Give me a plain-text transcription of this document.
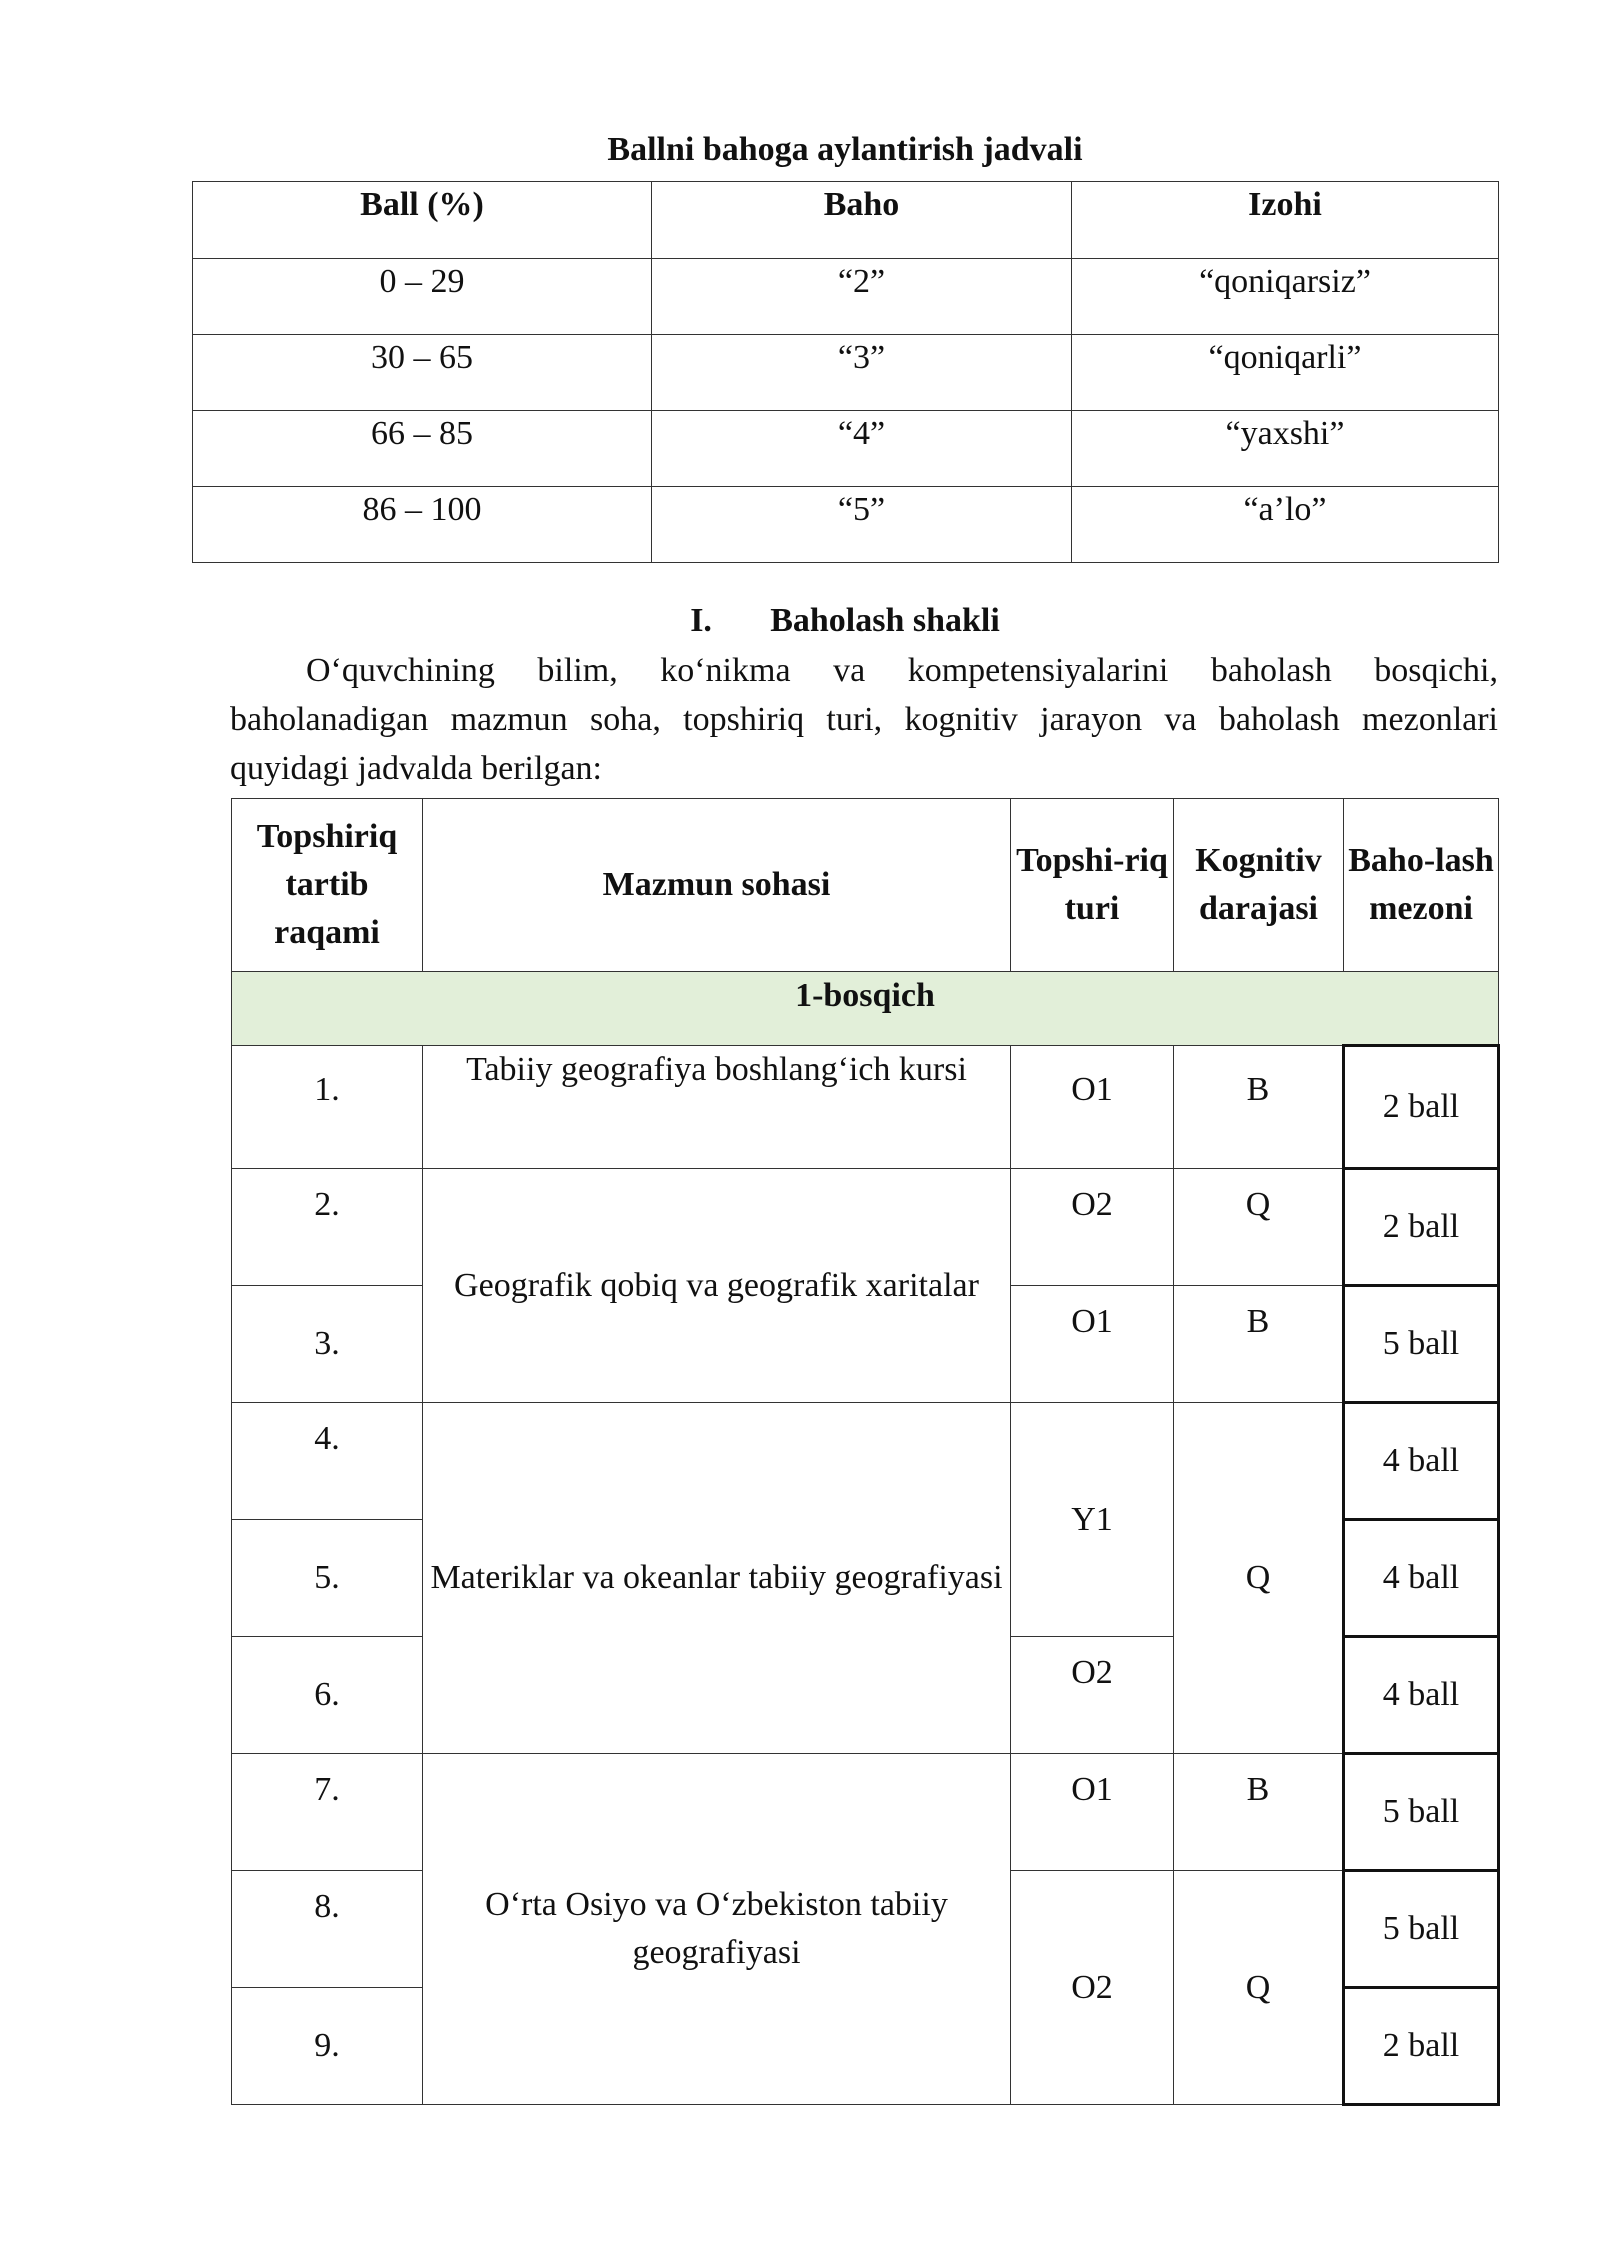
Ballni bahoga aylantirish jadvali
Ball (%)	Baho	Izohi
0 – 29	“2”	“qoniqarsiz”
30 – 65	“3”	“qoniqarli”
66 – 85	“4”	“yaxshi”
86 – 100	“5”	“a’lo”
I. Baholash shakli

O‘quvchining bilim, ko‘nikma va kompetensiyalarini baholash bosqichi, baholanadigan mazmun soha, topshiriq turi, kognitiv jarayon va baholash mezonlari quyidagi jadvalda berilgan:

Topshiriq tartib raqami	Mazmun sohasi	Topshi-riq turi	Kognitiv darajasi	Baho-lash mezoni
1-bosqich				
1.	Tabiiy geografiya boshlang‘ich kursi	O1	B	2 ball
2.	Geografik qobiq va geografik xaritalar	O2	Q	2 ball
3.		O1	B	5 ball
4.	Materiklar va okeanlar tabiiy geografiyasi	Y1	Q	4 ball
5.				4 ball
6.		O2		4 ball
7.	O‘rta Osiyo va O‘zbekiston tabiiy geografiyasi	O1	B	5 ball
8.		O2	Q	5 ball
9.				2 ball
